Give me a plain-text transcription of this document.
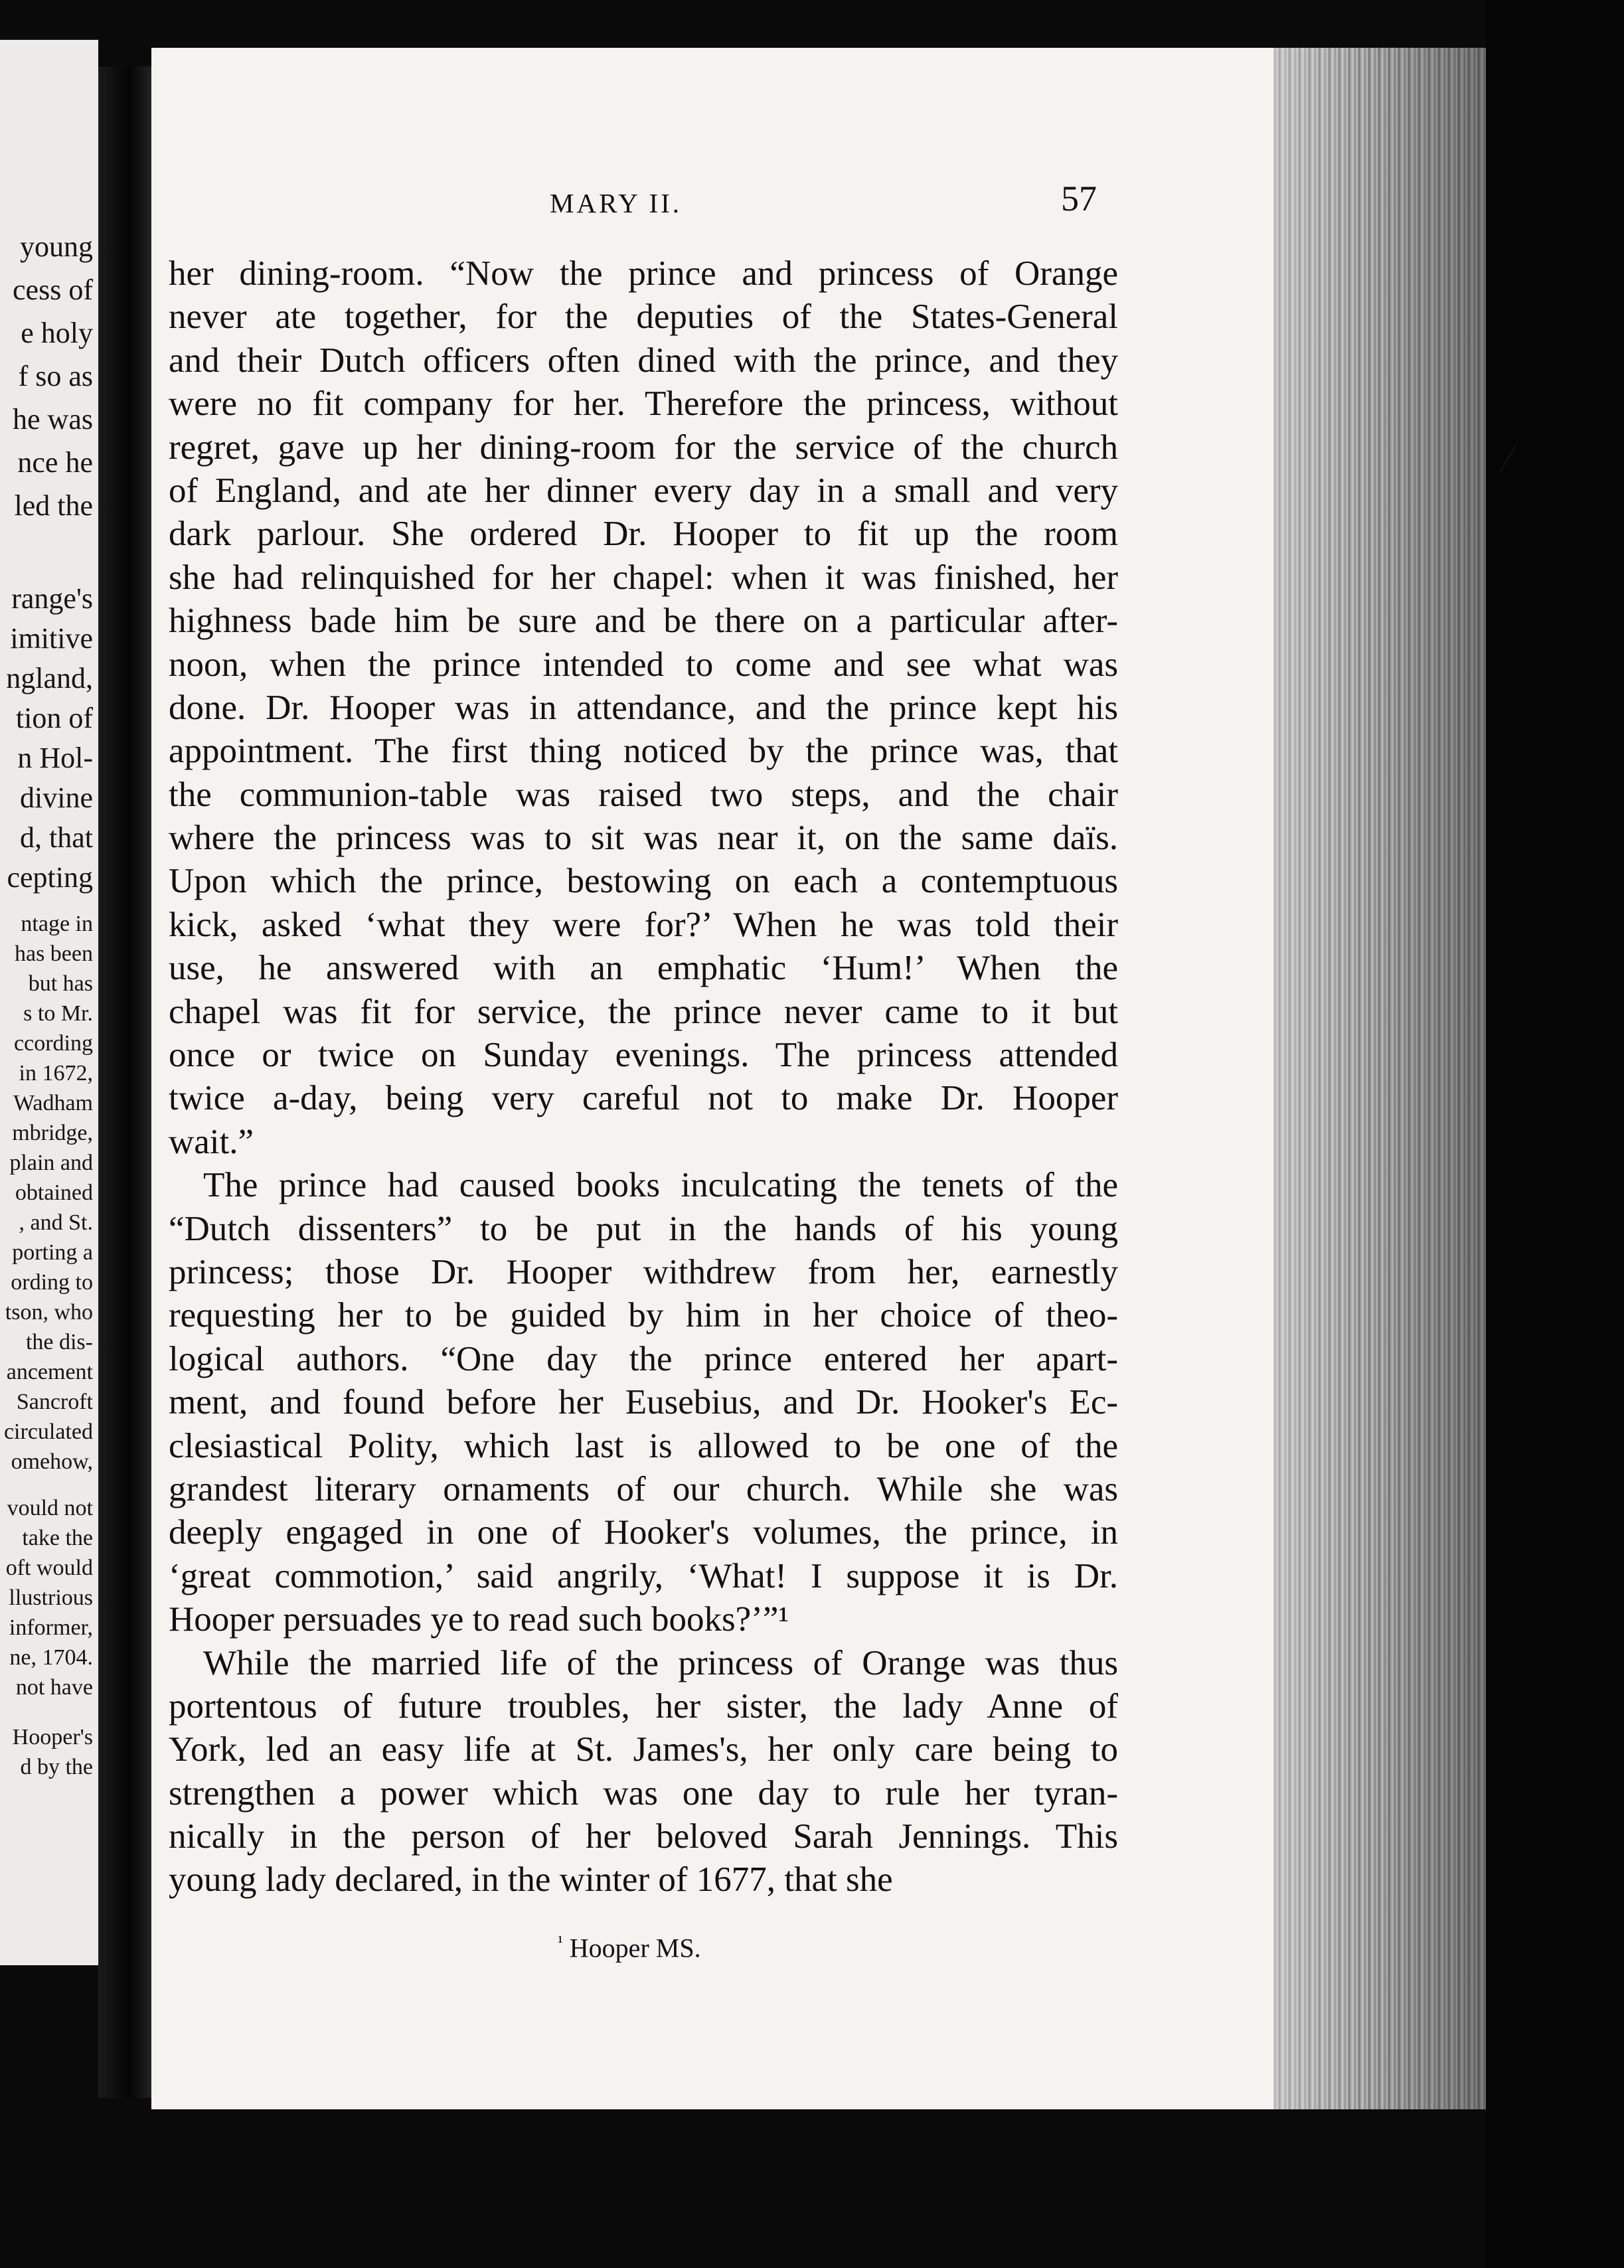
young
cess of
e holy
f so as
he was
nce he
led the
range's
imitive
ngland,
tion of
n Hol-
divine
d, that
cepting
ntage in
has been
but has
s to Mr.
ccording
in 1672,
Wadham
mbridge,
plain and
obtained
, and St.
porting a
ording to
tson, who
the dis-
ancement
Sancroft
circulated
omehow,
vould not
take the
oft would
llustrious
informer,
ne, 1704.
not have
Hooper's
d by the
MARY II.	57
her dining-room. “Now the prince and princess of Orange
never ate together, for the deputies of the States-General
and their Dutch officers often dined with the prince, and they
were no fit company for her. Therefore the princess, without
regret, gave up her dining-room for the service of the church
of England, and ate her dinner every day in a small and very
dark parlour. She ordered Dr. Hooper to fit up the room
she had relinquished for her chapel: when it was finished, her
highness bade him be sure and be there on a particular after-
noon, when the prince intended to come and see what was
done. Dr. Hooper was in attendance, and the prince kept his
appointment. The first thing noticed by the prince was, that
the communion-table was raised two steps, and the chair
where the princess was to sit was near it, on the same daïs.
Upon which the prince, bestowing on each a contemptuous
kick, asked ‘what they were for?’ When he was told their
use, he answered with an emphatic ‘Hum!’ When the
chapel was fit for service, the prince never came to it but
once or twice on Sunday evenings. The princess attended
twice a-day, being very careful not to make Dr. Hooper
wait.”
The prince had caused books inculcating the tenets of the
“Dutch dissenters” to be put in the hands of his young
princess; those Dr. Hooper withdrew from her, earnestly
requesting her to be guided by him in her choice of theo-
logical authors. “One day the prince entered her apart-
ment, and found before her Eusebius, and Dr. Hooker's Ec-
clesiastical Polity, which last is allowed to be one of the
grandest literary ornaments of our church. While she was
deeply engaged in one of Hooker's volumes, the prince, in
‘great commotion,’ said angrily, ‘What! I suppose it is Dr.
Hooper persuades ye to read such books?’”¹
While the married life of the princess of Orange was thus
portentous of future troubles, her sister, the lady Anne of
York, led an easy life at St. James's, her only care being to
strengthen a power which was one day to rule her tyran-
nically in the person of her beloved Sarah Jennings. This
young lady declared, in the winter of 1677, that she
$^{^1}$ Hooper MS.
